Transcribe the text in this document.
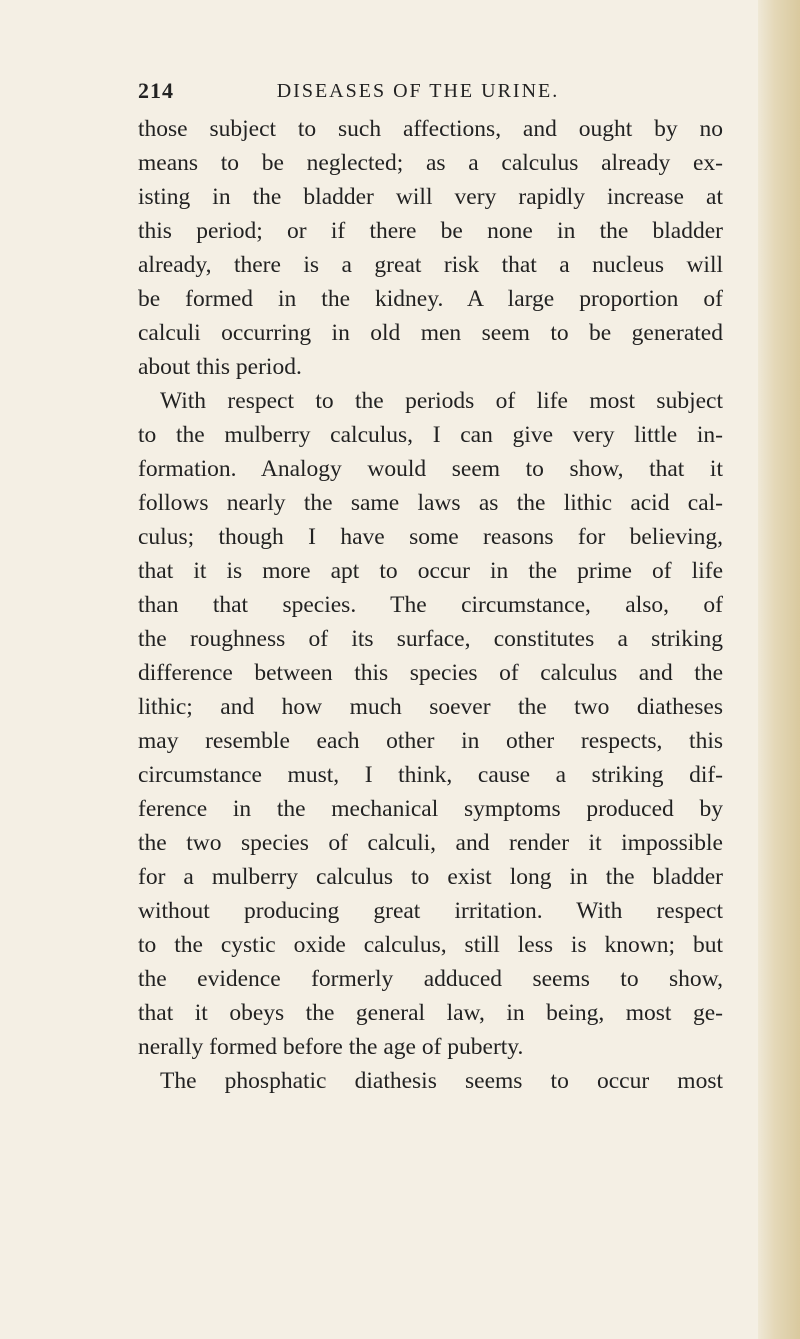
214	DISEASES OF THE URINE.
those subject to such affections, and ought by no
means to be neglected; as a calculus already ex-
isting in the bladder will very rapidly increase at
this period; or if there be none in the bladder
already, there is a great risk that a nucleus will
be formed in the kidney. A large proportion of
calculi occurring in old men seem to be generated
about this period.
With respect to the periods of life most subject
to the mulberry calculus, I can give very little in-
formation. Analogy would seem to show, that it
follows nearly the same laws as the lithic acid cal-
culus; though I have some reasons for believing,
that it is more apt to occur in the prime of life
than that species. The circumstance, also, of
the roughness of its surface, constitutes a striking
difference between this species of calculus and the
lithic; and how much soever the two diatheses
may resemble each other in other respects, this
circumstance must, I think, cause a striking dif-
ference in the mechanical symptoms produced by
the two species of calculi, and render it impossible
for a mulberry calculus to exist long in the bladder
without producing great irritation. With respect
to the cystic oxide calculus, still less is known; but
the evidence formerly adduced seems to show,
that it obeys the general law, in being, most ge-
nerally formed before the age of puberty.
The phosphatic diathesis seems to occur most
